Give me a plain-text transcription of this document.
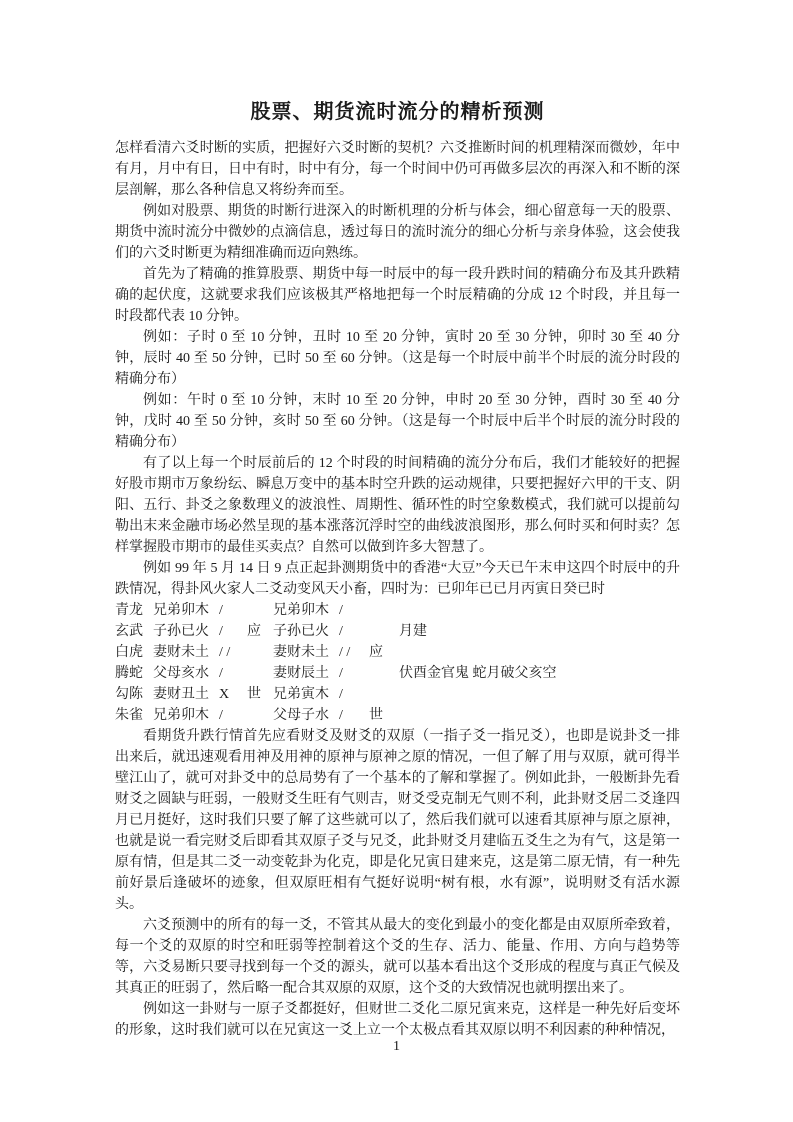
股票、期货流时流分的精析预测

怎样看清六爻时断的实质，把握好六爻时断的契机？六爻推断时间的机理精深而微妙，年中有月，月中有日，日中有时，时中有分，每一个时间中仍可再做多层次的再深入和不断的深层剖解，那么各种信息又将纷奔而至。

例如对股票、期货的时断行进深入的时断机理的分析与体会，细心留意每一天的股票、期货中流时流分中微妙的点滴信息，透过每日的流时流分的细心分析与亲身体验，这会使我们的六爻时断更为精细准确而迈向熟练。

首先为了精确的推算股票、期货中每一时辰中的每一段升跌时间的精确分布及其升跌精确的起伏度，这就要求我们应该极其严格地把每一个时辰精确的分成 12 个时段，并且每一时段都代表 10 分钟。

例如：子时 0 至 10 分钟，丑时 10 至 20 分钟，寅时 20 至 30 分钟，卯时 30 至 40 分钟，辰时 40 至 50 分钟，已时 50 至 60 分钟。（这是每一个时辰中前半个时辰的流分时段的精确分布）

例如：午时 0 至 10 分钟，末时 10 至 20 分钟，申时 20 至 30 分钟，酉时 30 至 40 分钟，戊时 40 至 50 分钟，亥时 50 至 60 分钟。（这是每一个时辰中后半个时辰的流分时段的精确分布）

有了以上每一个时辰前后的 12 个时段的时间精确的流分分布后，我们才能较好的把握好股市期市万象纷纭、瞬息万变中的基本时空升跌的运动规律，只要把握好六甲的干支、阴阳、五行、卦爻之象数理义的波浪性、周期性、循环性的时空象数模式，我们就可以提前勾勒出末来金融市场必然呈现的基本涨落沉浮时空的曲线波浪图形，那么何时买和何时卖？怎样掌握股市期市的最佳买卖点？自然可以做到许多大智慧了。

例如 99 年 5 月 14 日 9 点正起卦测期货中的香港“大豆”今天已午末申这四个时辰中的升跌情况，得卦风火家人二爻动变风天小畜，四时为：已卯年已已月丙寅日癸已时

青龙 兄弟卯木 /	兄弟卯木 /
玄武 子孙已火 /	应 子孙已火 /	月建
白虎 妻财未土 / /	妻财未土 / /	应
腾蛇 父母亥水 /	妻财辰土 /	伏酉金官鬼 蛇月破父亥空
勾陈 妻财丑土 X	世 兄弟寅木 /
朱雀 兄弟卯木 /	父母子水 /	世

看期货升跌行情首先应看财爻及财爻的双原（一指子爻一指兄爻），也即是说卦爻一排出来后，就迅速观看用神及用神的原神与原神之原的情况，一但了解了用与双原，就可得半壁江山了，就可对卦爻中的总局势有了一个基本的了解和掌握了。例如此卦，一般断卦先看财爻之圆缺与旺弱，一般财爻生旺有气则吉，财爻受克制无气则不利，此卦财爻居二爻逢四月已月挺好，这时我们只要了解了这些就可以了，然后我们就可以速看其原神与原之原神，也就是说一看完财爻后即看其双原子爻与兄爻，此卦财爻月建临五爻生之为有气，这是第一原有情，但是其二爻一动变乾卦为化克，即是化兄寅日建来克，这是第二原无情，有一种先前好景后逢破坏的迹象，但双原旺相有气挺好说明“树有根，水有源”，说明财爻有活水源头。

六爻预测中的所有的每一爻，不管其从最大的变化到最小的变化都是由双原所牵致着，每一个爻的双原的时空和旺弱等控制着这个爻的生存、活力、能量、作用、方向与趋势等等，六爻易断只要寻找到每一个爻的源头，就可以基本看出这个爻形成的程度与真正气候及其真正的旺弱了，然后略一配合其双原的双原，这个爻的大致情况也就明摆出来了。

例如这一卦财与一原子爻都挺好，但财世二爻化二原兄寅来克，这样是一种先好后变坏的形象，这时我们就可以在兄寅这一爻上立一个太极点看其双原以明不利因素的种种情况，

1
